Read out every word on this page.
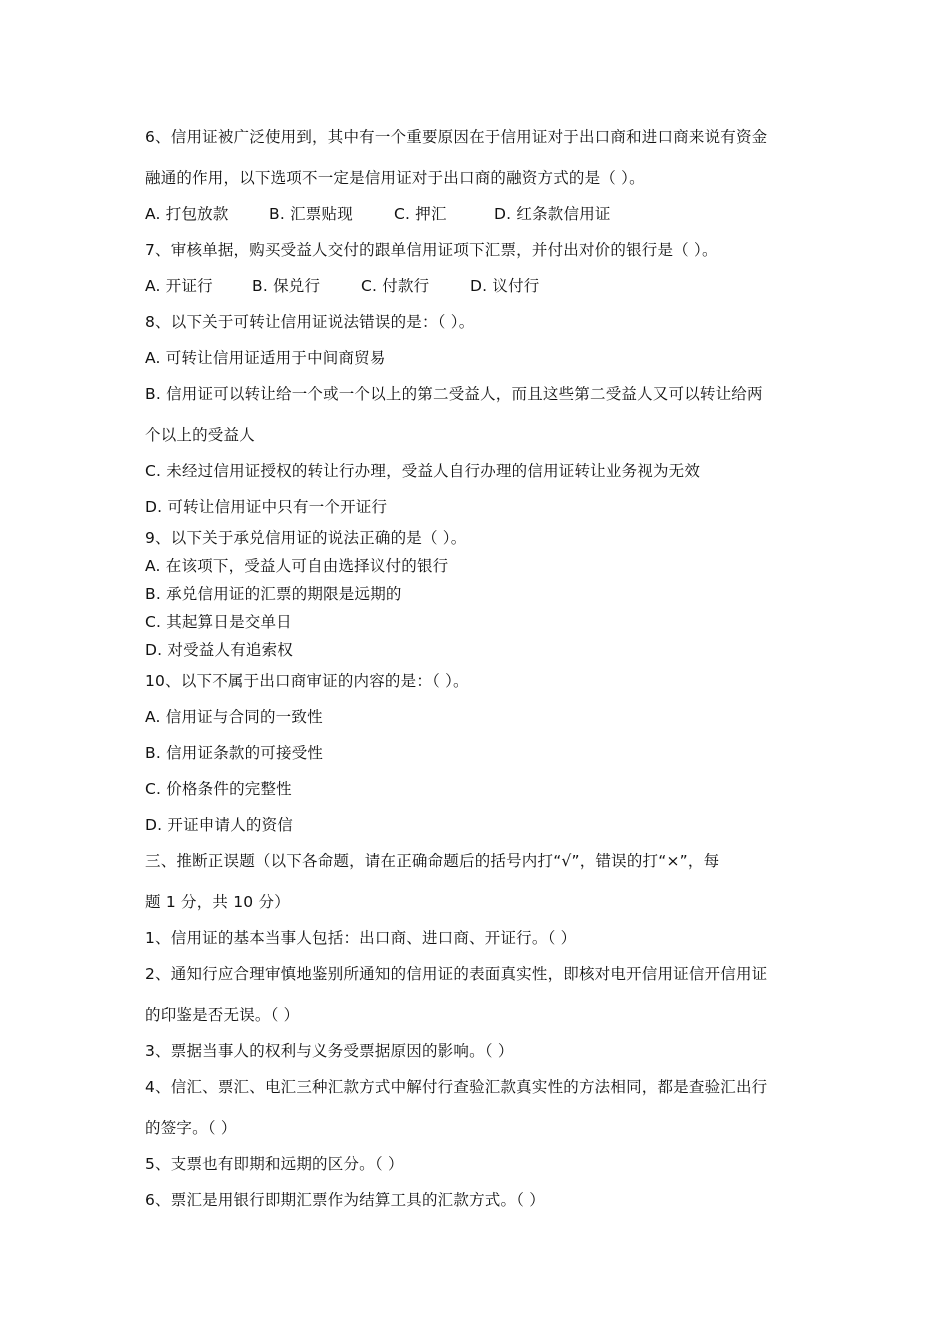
6、信用证被广泛使用到，其中有一个重要原因在于信用证对于出口商和进口商来说有资金
融通的作用，以下选项不一定是信用证对于出口商的融资方式的是（ ）。
A. 打包放款	B. 汇票贴现	C. 押汇	D. 红条款信用证
7、审核单据，购买受益人交付的跟单信用证项下汇票，并付出对价的银行是（ ）。
A. 开证行	B. 保兑行	C. 付款行	D. 议付行
8、以下关于可转让信用证说法错误的是：（ ）。
A. 可转让信用证适用于中间商贸易
B. 信用证可以转让给一个或一个以上的第二受益人，而且这些第二受益人又可以转让给两
个以上的受益人
C. 未经过信用证授权的转让行办理，受益人自行办理的信用证转让业务视为无效
D. 可转让信用证中只有一个开证行
9、以下关于承兑信用证的说法正确的是（ ）。
A. 在该项下，受益人可自由选择议付的银行
B. 承兑信用证的汇票的期限是远期的
C. 其起算日是交单日
D. 对受益人有追索权
10、以下不属于出口商审证的内容的是：（ ）。
A. 信用证与合同的一致性
B. 信用证条款的可接受性
C. 价格条件的完整性
D. 开证申请人的资信
三、推断正误题（以下各命题，请在正确命题后的括号内打“√”，错误的打“×”，每
题 1 分，共 10 分）
1、信用证的基本当事人包括：出口商、进口商、开证行。（ ）
2、通知行应合理审慎地鉴别所通知的信用证的表面真实性，即核对电开信用证信开信用证
的印鉴是否无误。（ ）
3、票据当事人的权利与义务受票据原因的影响。（ ）
4、信汇、票汇、电汇三种汇款方式中解付行查验汇款真实性的方法相同，都是查验汇出行
的签字。（ ）
5、支票也有即期和远期的区分。（ ）
6、票汇是用银行即期汇票作为结算工具的汇款方式。（ ）
